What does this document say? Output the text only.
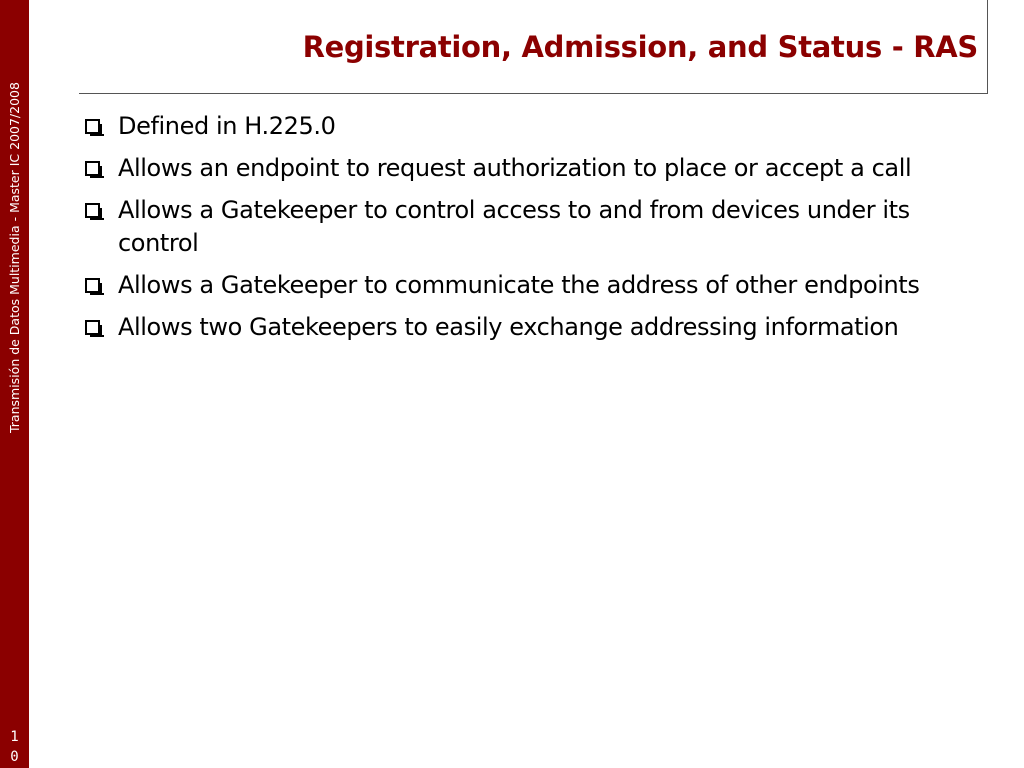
Transmisión de Datos Multimedia - Master IC 2007/2008
1
0
Registration, Admission, and Status - RAS
Defined in H.225.0
Allows an endpoint to request authorization to place or accept a call
Allows a Gatekeeper to control access to and from devices under its control
Allows a Gatekeeper to communicate the address of other endpoints
Allows two Gatekeepers to easily exchange addressing information
